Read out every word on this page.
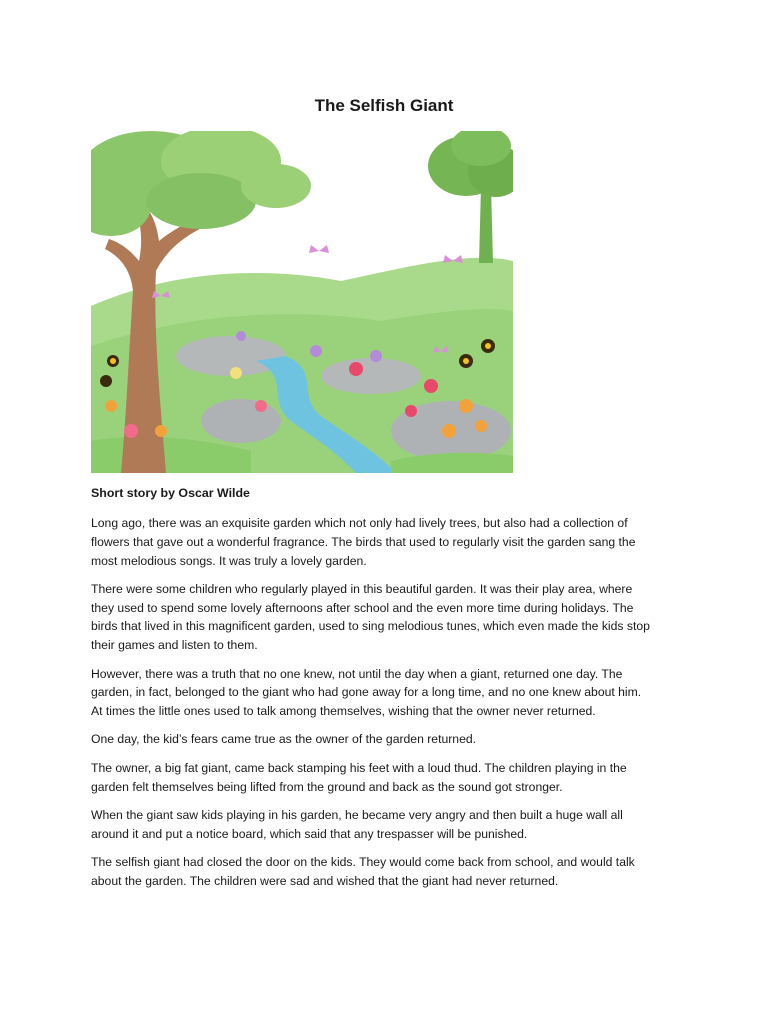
The Selfish Giant
Short story by Oscar Wilde

Long ago, there was an exquisite garden which not only had lively trees, but also had a collection of
flowers that gave out a wonderful fragrance. The birds that used to regularly visit the garden sang the
most melodious songs. It was truly a lovely garden.

There were some children who regularly played in this beautiful garden. It was their play area, where
they used to spend some lovely afternoons after school and the even more time during holidays. The
birds that lived in this magnificent garden, used to sing melodious tunes, which even made the kids stop
their games and listen to them.

However, there was a truth that no one knew, not until the day when a giant, returned one day. The
garden, in fact, belonged to the giant who had gone away for a long time, and no one knew about him.
At times the little ones used to talk among themselves, wishing that the owner never returned.

One day, the kid’s fears came true as the owner of the garden returned.

The owner, a big fat giant, came back stamping his feet with a loud thud. The children playing in the
garden felt themselves being lifted from the ground and back as the sound got stronger.

When the giant saw kids playing in his garden, he became very angry and then built a huge wall all
around it and put a notice board, which said that any trespasser will be punished.

The selfish giant had closed the door on the kids. They would come back from school, and would talk
about the garden. The children were sad and wished that the giant had never returned.
